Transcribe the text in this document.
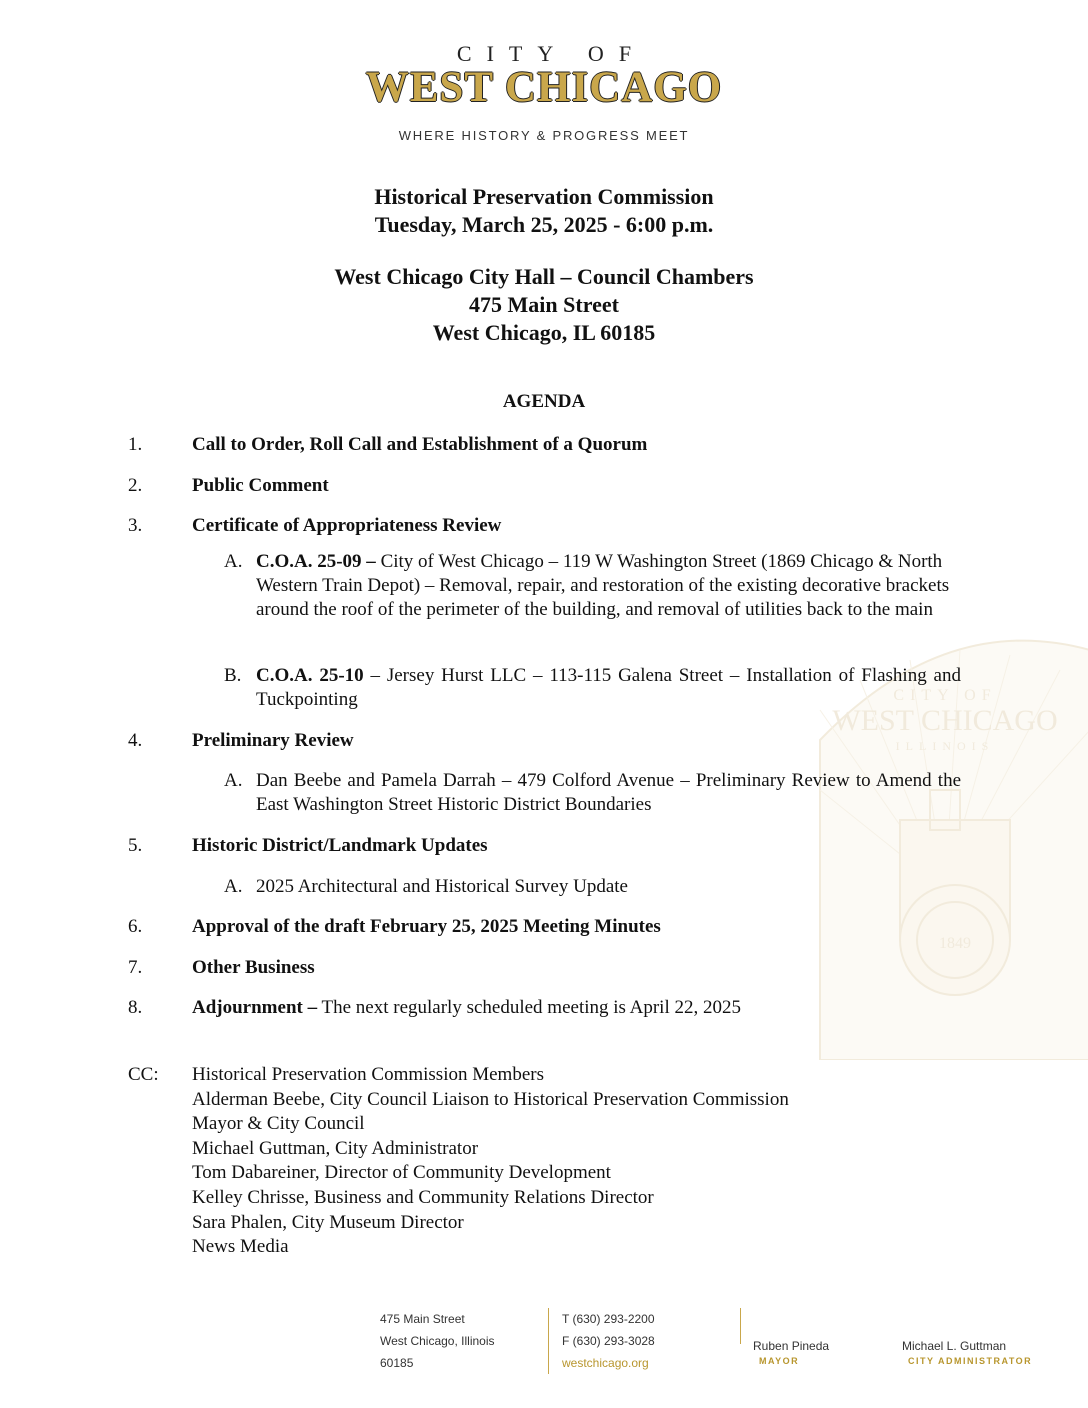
CITY OF
WEST CHICAGO
ILLINOIS
1849
CITY OF
WEST CHICAGO
WHERE HISTORY & PROGRESS MEET
Historical Preservation Commission
Tuesday, March 25, 2025 - 6:00 p.m.
West Chicago City Hall – Council Chambers
475 Main Street
West Chicago, IL 60185
AGENDA
1.	Call to Order, Roll Call and Establishment of a Quorum
2.	Public Comment
3.	Certificate of Appropriateness Review
A. C.O.A. 25-09 – City of West Chicago – 119 W Washington Street (1869 Chicago & North Western Train Depot) – Removal, repair, and restoration of the existing decorative brackets around the roof of the perimeter of the building, and removal of utilities back to the main
B. C.O.A. 25-10 – Jersey Hurst LLC – 113-115 Galena Street – Installation of Flashing and Tuckpointing
4.	Preliminary Review
A. Dan Beebe and Pamela Darrah – 479 Colford Avenue – Preliminary Review to Amend the East Washington Street Historic District Boundaries
5.	Historic District/Landmark Updates
A. 2025 Architectural and Historical Survey Update
6.	Approval of the draft February 25, 2025 Meeting Minutes
7.	Other Business
8.	Adjournment – The next regularly scheduled meeting is April 22, 2025
CC: Historical Preservation Commission Members
Alderman Beebe, City Council Liaison to Historical Preservation Commission
Mayor & City Council
Michael Guttman, City Administrator
Tom Dabareiner, Director of Community Development
Kelley Chrisse, Business and Community Relations Director
Sara Phalen, City Museum Director
News Media
475 Main Street
West Chicago, Illinois
60185
T (630) 293-2200
F (630) 293-3028
westchicago.org
Ruben Pineda
MAYOR
Michael L. Guttman
CITY ADMINISTRATOR
